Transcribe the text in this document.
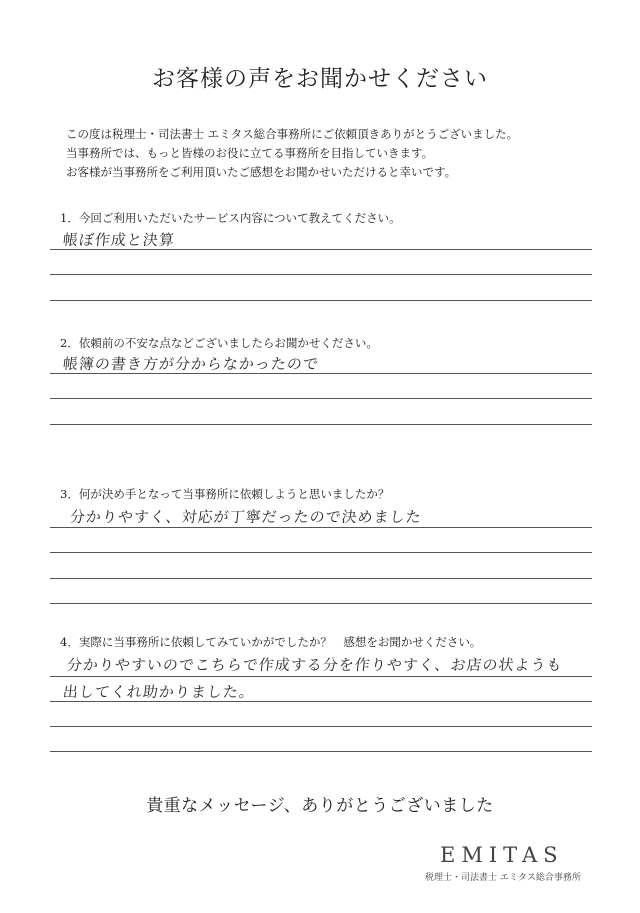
お客様の声をお聞かせください
この度は税理士・司法書士 エミタス総合事務所にご依頼頂きありがとうございました。
当事務所では、もっと皆様のお役に立てる事務所を目指していきます。
お客様が当事務所をご利用頂いたご感想をお聞かせいただけると幸いです。
1．今回ご利用いただいたサービス内容について教えてください。
帳ぼ作成と決算
2．依頼前の不安な点などございましたらお聞かせください。
帳簿の書き方が分からなかったので
3．何が決め手となって当事務所に依頼しようと思いましたか？
分かりやすく、対応が丁寧だったので決めました
4．実際に当事務所に依頼してみていかがでしたか？　感想をお聞かせください。
分かりやすいのでこちらで作成する分を作りやすく、お店の状ようも
出してくれ助かりました。
貴重なメッセージ、ありがとうございました
EMITAS
税理士・司法書士 エミタス総合事務所
